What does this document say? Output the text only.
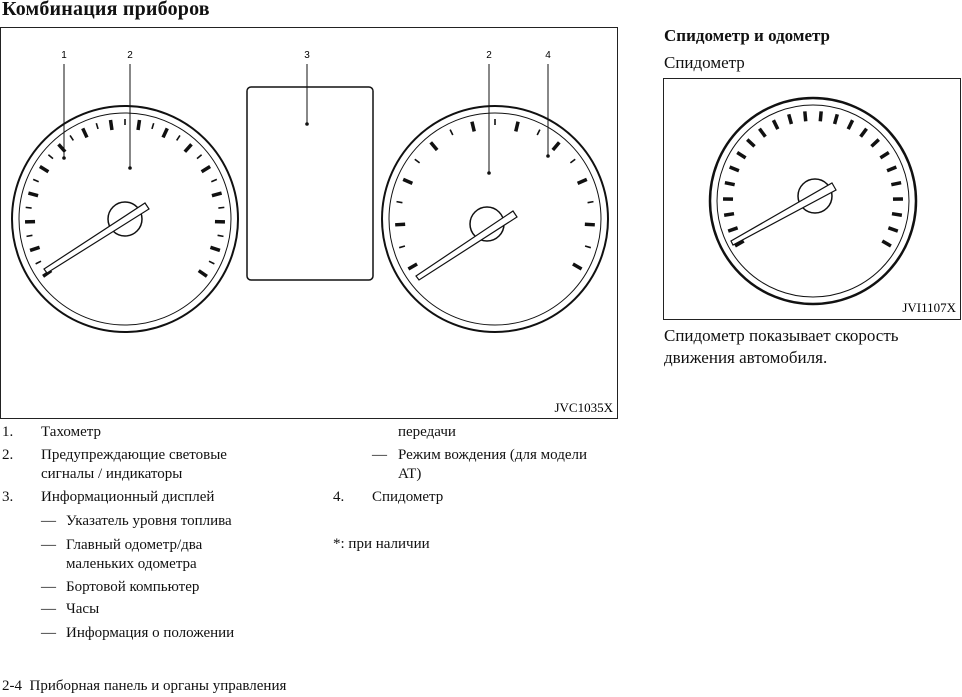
Комбинация приборов
1	2	3	2	4
JVC1035X
1. Тахометр
2. Предупреждающие световые
сигналы / индикаторы
3. Информационный дисплей
— Указатель уровня топлива
— Главный одометр/два
маленьких одометра
— Бортовой компьютер
— Часы
— Информация о положении
передачи
— Режим вождения (для модели
AT)
4. Спидометр
*: при наличии
Спидометр и одометр
Спидометр
JVI1107X
Спидометр показывает скорость
движения автомобиля.
2-4 Приборная панель и органы управления
